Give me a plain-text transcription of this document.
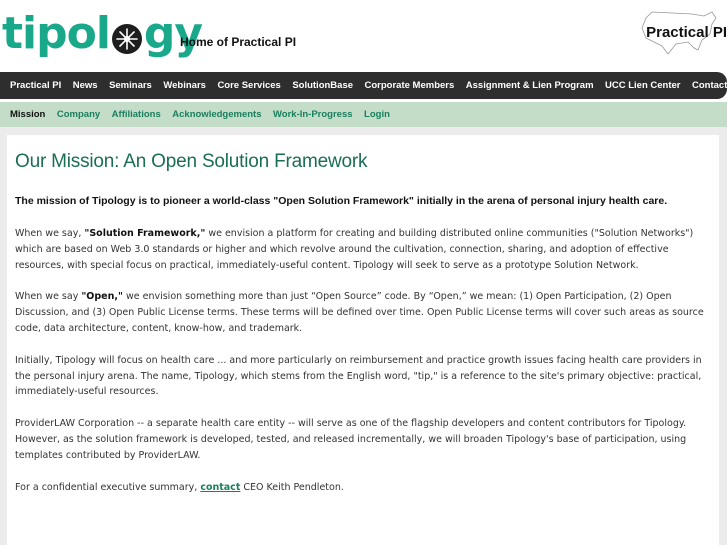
tipol gy
Home of Practical PI
Practical PI
Practical PI News Seminars Webinars Core Services SolutionBase Corporate Members Assignment & Lien Program UCC Lien Center Contact
Mission Company Affiliations Acknowledgements Work-In-Progress Login
Our Mission: An Open Solution Framework
The mission of Tipology is to pioneer a world-class "Open Solution Framework" initially in the arena of personal injury health care.

When we say, "Solution Framework," we envision a platform for creating and building distributed online communities ("Solution Networks") which are based on Web 3.0 standards or higher and which revolve around the cultivation, connection, sharing, and adoption of effective resources, with special focus on practical, immediately-useful content. Tipology will seek to serve as a prototype Solution Network.

When we say "Open," we envision something more than just “Open Source” code. By “Open,” we mean: (1) Open Participation, (2) Open Discussion, and (3) Open Public License terms. These terms will be defined over time. Open Public License terms will cover such areas as source code, data architecture, content, know-how, and trademark.

Initially, Tipology will focus on health care ... and more particularly on reimbursement and practice growth issues facing health care providers in the personal injury arena. The name, Tipology, which stems from the English word, "tip," is a reference to the site's primary objective: practical, immediately-useful resources.

ProviderLAW Corporation -- a separate health care entity -- will serve as one of the flagship developers and content contributors for Tipology. However, as the solution framework is developed, tested, and released incrementally, we will broaden Tipology's base of participation, using templates contributed by ProviderLAW.

For a confidential executive summary, contact CEO Keith Pendleton.
